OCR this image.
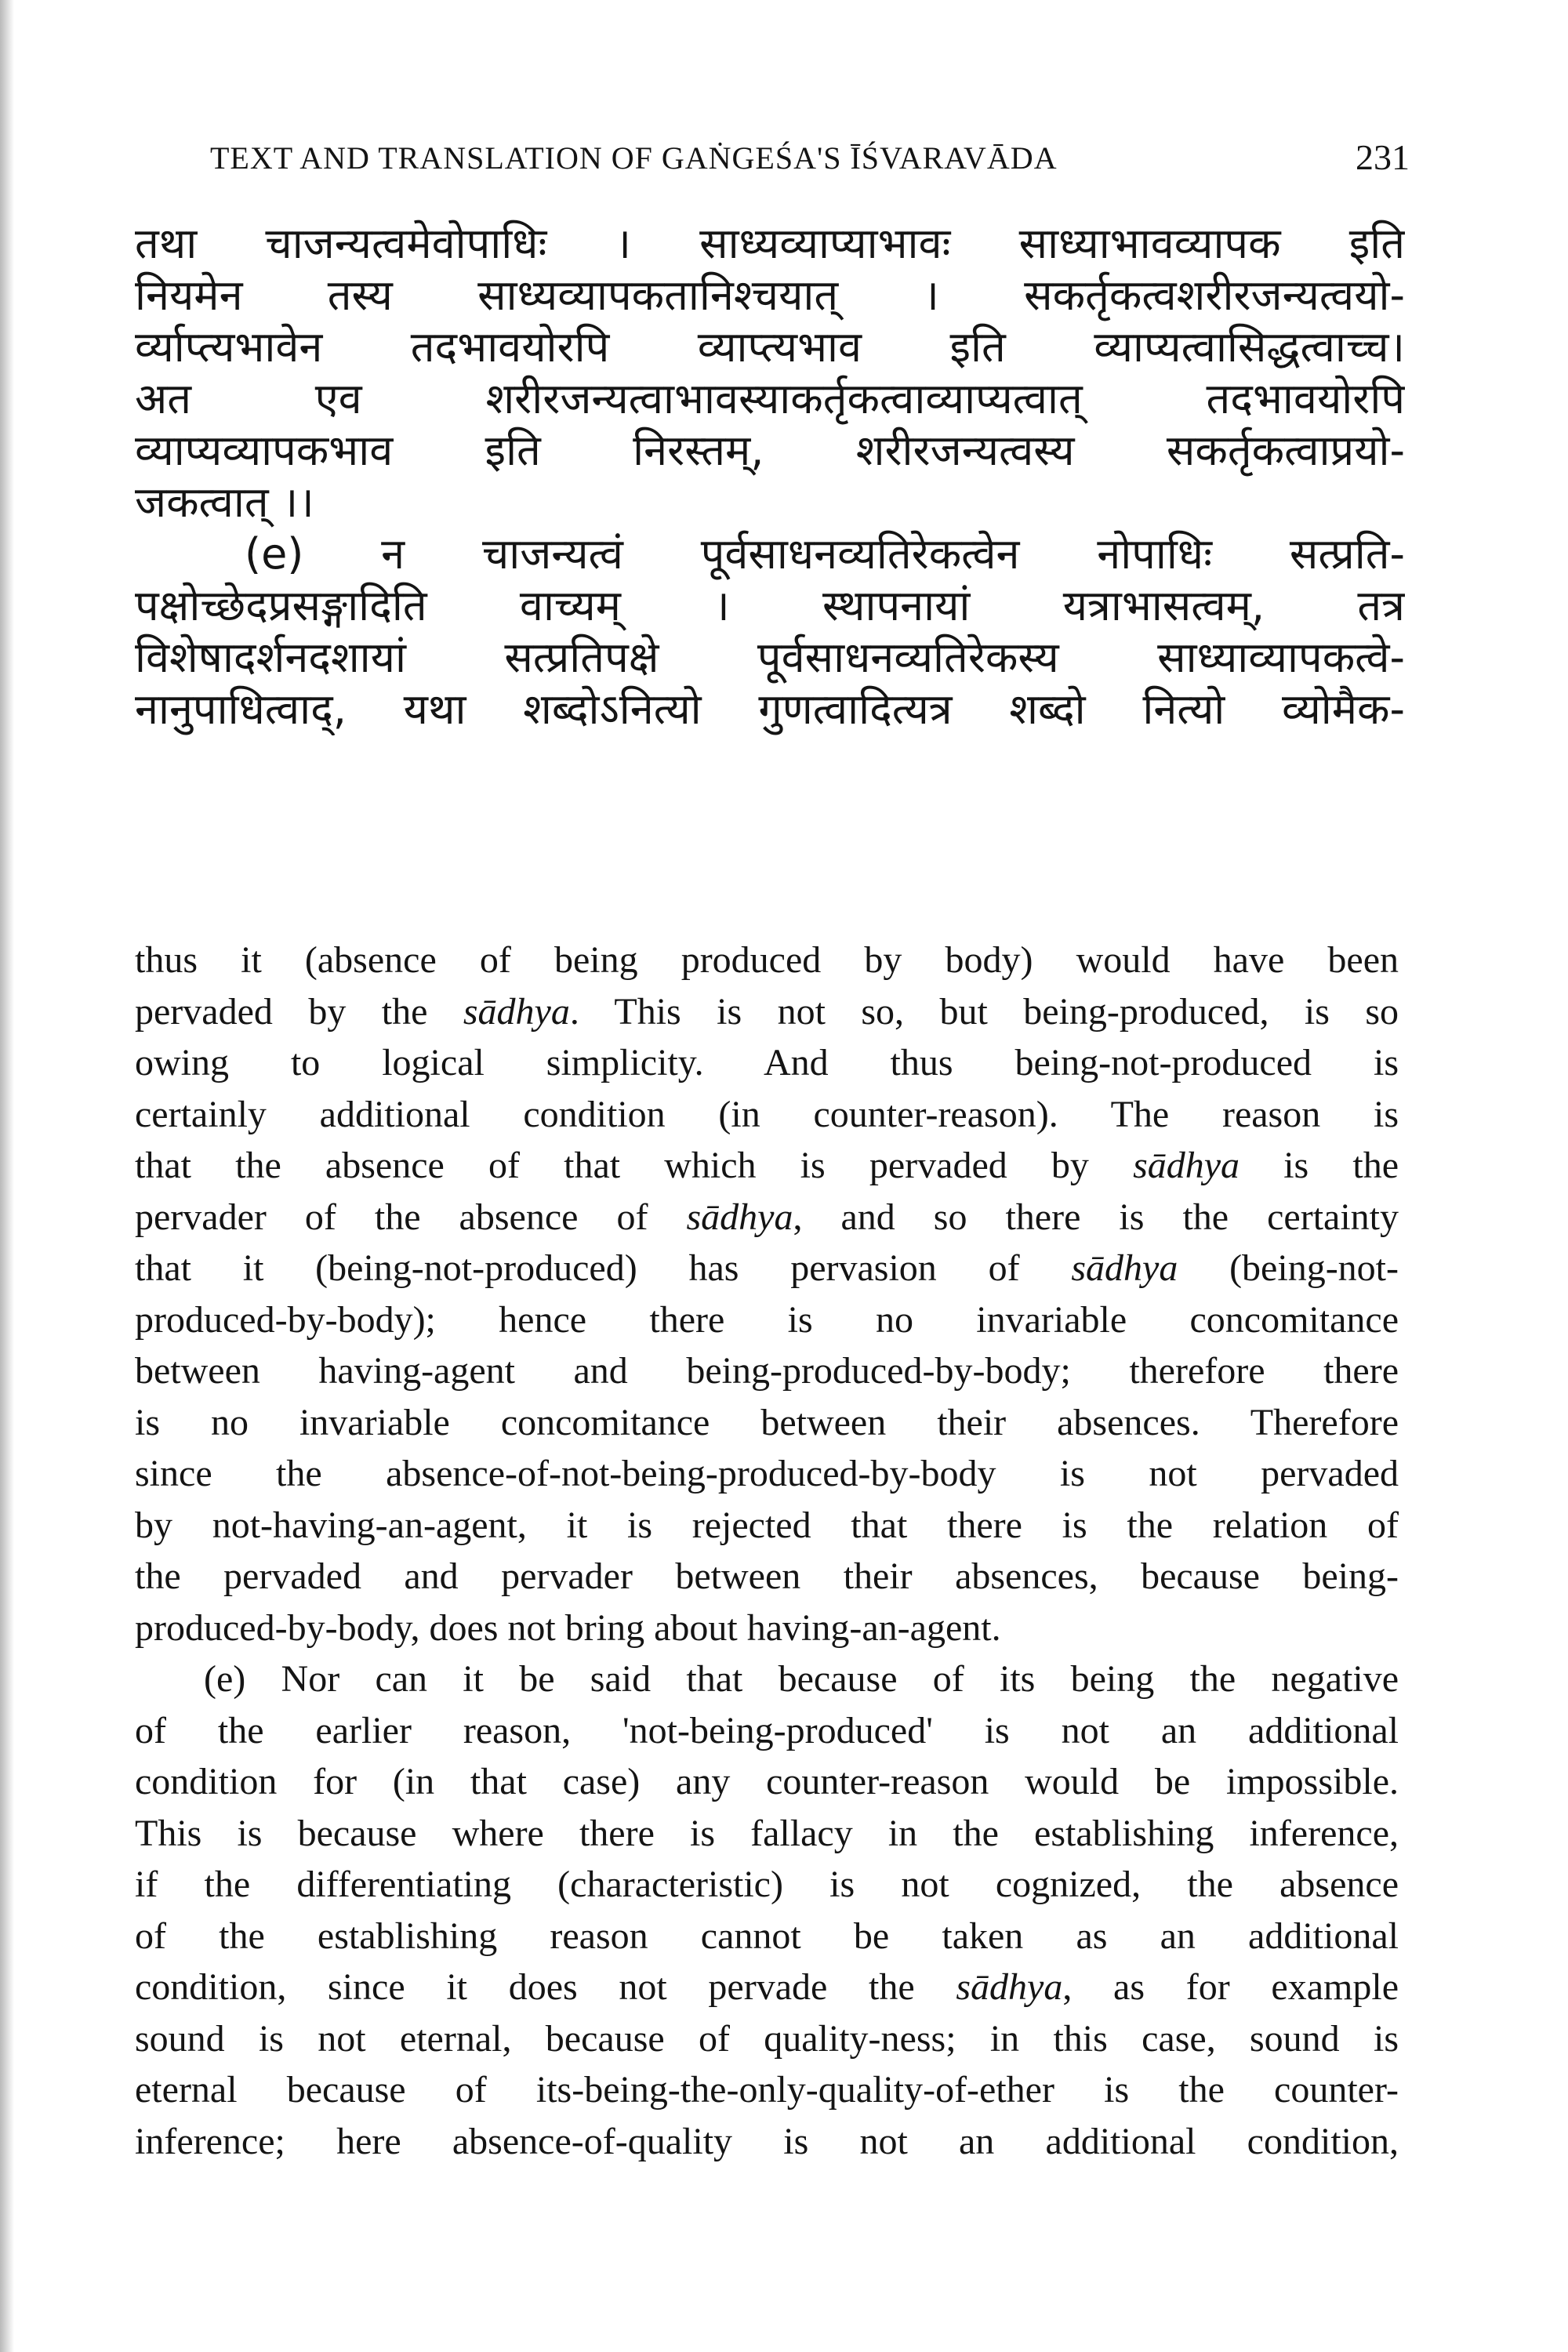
TEXT AND TRANSLATION OF GAṄGEŚA'S ĪŚVARAVĀDA	231
तथा चाजन्यत्वमेवोपाधिः । साध्यव्याप्याभावः साध्याभावव्यापक इति
नियमेन तस्य साध्यव्यापकतानिश्चयात् । सकर्तृकत्वशरीरजन्यत्वयो-
र्व्याप्त्यभावेन तदभावयोरपि व्याप्त्यभाव इति व्याप्यत्वासिद्धत्वाच्च।
अत एव शरीरजन्यत्वाभावस्याकर्तृकत्वाव्याप्यत्वात् तदभावयोरपि
व्याप्यव्यापकभाव इति निरस्तम्, शरीरजन्यत्वस्य सकर्तृकत्वाप्रयो-
जकत्वात् ।।
(e) न चाजन्यत्वं पूर्वसाधनव्यतिरेकत्वेन नोपाधिः सत्प्रति-
पक्षोच्छेदप्रसङ्गादिति वाच्यम् । स्थापनायां यत्राभासत्वम्, तत्र
विशेषादर्शनदशायां सत्प्रतिपक्षे पूर्वसाधनव्यतिरेकस्य साध्याव्यापकत्वे-
नानुपाधित्वाद्, यथा शब्दोऽनित्यो गुणत्वादित्यत्र शब्दो नित्यो व्योमैक-
thus it (absence of being produced by body) would have been
pervaded by the sādhya. This is not so, but being-produced, is so
owing to logical simplicity. And thus being-not-produced is
certainly additional condition (in counter-reason). The reason is
that the absence of that which is pervaded by sādhya is the
pervader of the absence of sādhya, and so there is the certainty
that it (being-not-produced) has pervasion of sādhya (being-not-
produced-by-body); hence there is no invariable concomitance
between having-agent and being-produced-by-body; therefore there
is no invariable concomitance between their absences. Therefore
since the absence-of-not-being-produced-by-body is not pervaded
by not-having-an-agent, it is rejected that there is the relation of
the pervaded and pervader between their absences, because being-
produced-by-body, does not bring about having-an-agent.
(e) Nor can it be said that because of its being the negative
of the earlier reason, 'not-being-produced' is not an additional
condition for (in that case) any counter-reason would be impossible.
This is because where there is fallacy in the establishing inference,
if the differentiating (characteristic) is not cognized, the absence
of the establishing reason cannot be taken as an additional
condition, since it does not pervade the sādhya, as for example
sound is not eternal, because of quality-ness; in this case, sound is
eternal because of its-being-the-only-quality-of-ether is the counter-
inference; here absence-of-quality is not an additional condition,
